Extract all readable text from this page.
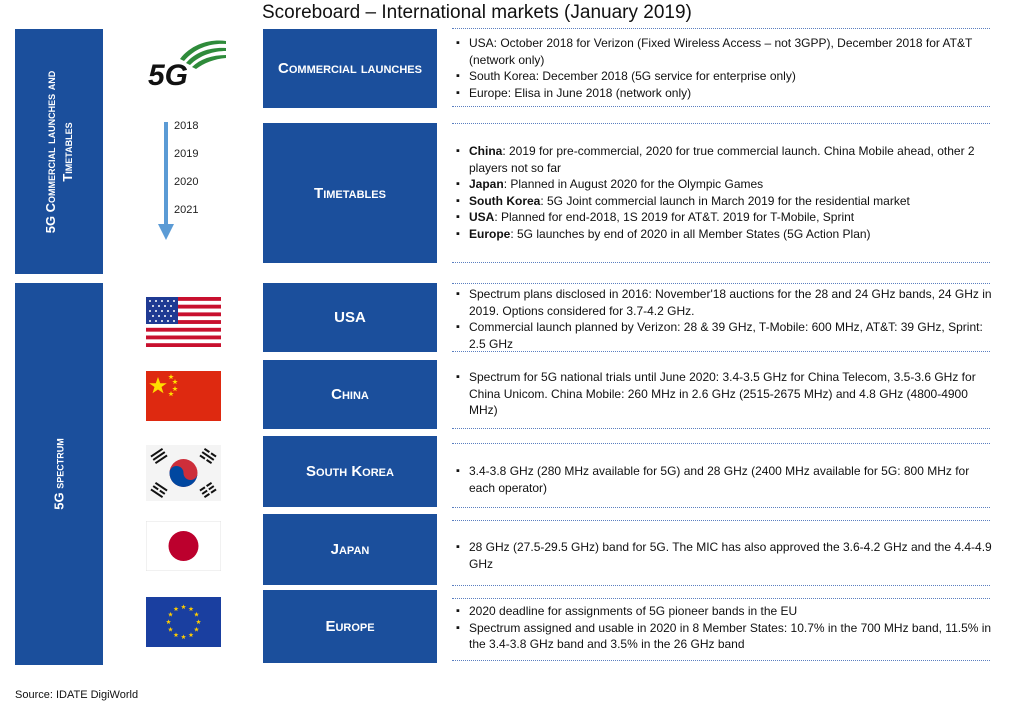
Scoreboard – International markets (January 2019)
5G Commercial launches and Timetables
5G spectrum
5G
2018
2019
2020
2021
Commercial launches
Timetables
USA
China
South Korea
Japan
Europe
▪ USA: October 2018 for Verizon (Fixed Wireless Access – not 3GPP), December 2018 for AT&T (network only)
▪ South Korea: December 2018 (5G service for enterprise only)
▪ Europe: Elisa in June 2018 (network only)
▪ China: 2019 for pre-commercial, 2020 for true commercial launch. China Mobile ahead, other 2 players not so far
▪ Japan: Planned in August 2020 for the Olympic Games
▪ South Korea: 5G Joint commercial launch in March 2019 for the residential market
▪ USA: Planned for end-2018, 1S 2019 for AT&T. 2019 for T-Mobile, Sprint
▪ Europe: 5G launches by end of 2020 in all Member States (5G Action Plan)
▪ Spectrum plans disclosed in 2016: November'18 auctions for the 28 and 24 GHz bands, 24 GHz in 2019. Options considered for 3.7-4.2 GHz.
▪ Commercial launch planned by Verizon: 28 & 39 GHz, T-Mobile: 600 MHz, AT&T: 39 GHz, Sprint: 2.5 GHz
▪ Spectrum for 5G national trials until June 2020: 3.4-3.5 GHz for China Telecom, 3.5-3.6 GHz for China Unicom. China Mobile: 260 MHz in 2.6 GHz (2515-2675 MHz) and 4.8 GHz (4800-4900 MHz)
▪ 3.4-3.8 GHz (280 MHz available for 5G) and 28 GHz (2400 MHz available for 5G: 800 MHz for each operator)
▪ 28 GHz (27.5-29.5 GHz) band for 5G. The MIC has also approved the 3.6-4.2 GHz and the 4.4-4.9 GHz
▪ 2020 deadline for assignments of 5G pioneer bands in the EU
▪ Spectrum assigned and usable in 2020 in 8 Member States: 10.7% in the 700 MHz band, 11.5% in the 3.4-3.8 GHz band and 3.5% in the 26 GHz band
Source: IDATE DigiWorld
